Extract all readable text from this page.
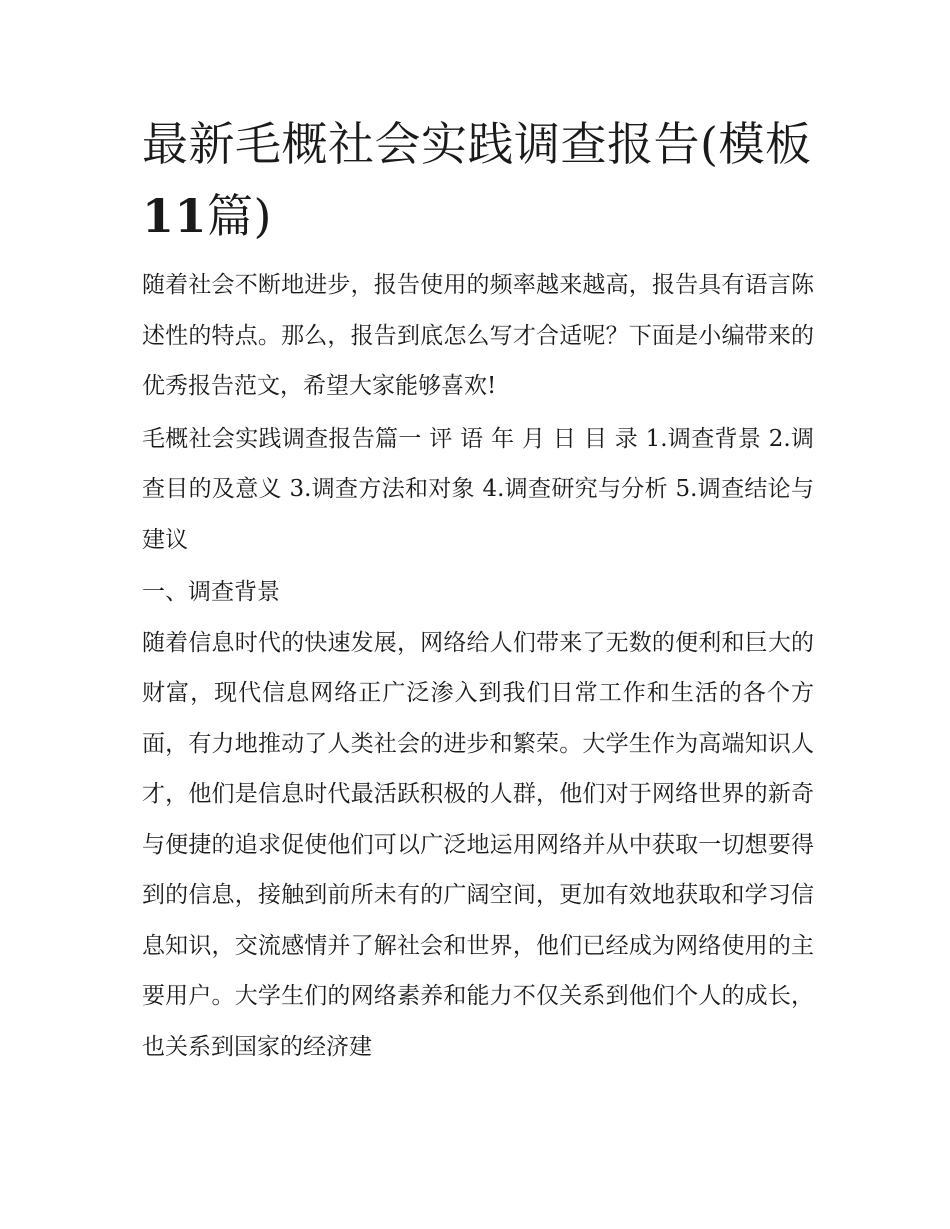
最新毛概社会实践调查报告(模板11篇)

随着社会不断地进步，报告使用的频率越来越高，报告具有语言陈述性的特点。那么，报告到底怎么写才合适呢？下面是小编带来的优秀报告范文，希望大家能够喜欢!

毛概社会实践调查报告篇一 评 语 年 月 日 目 录 1.调查背景 2.调查目的及意义 3.调查方法和对象 4.调查研究与分析 5.调查结论与建议

一、调查背景

随着信息时代的快速发展，网络给人们带来了无数的便利和巨大的财富，现代信息网络正广泛渗入到我们日常工作和生活的各个方面，有力地推动了人类社会的进步和繁荣。大学生作为高端知识人才，他们是信息时代最活跃积极的人群，他们对于网络世界的新奇与便捷的追求促使他们可以广泛地运用网络并从中获取一切想要得到的信息，接触到前所未有的广阔空间，更加有效地获取和学习信息知识，交流感情并了解社会和世界，他们已经成为网络使用的主要用户。大学生们的网络素养和能力不仅关系到他们个人的成长，也关系到国家的经济建
